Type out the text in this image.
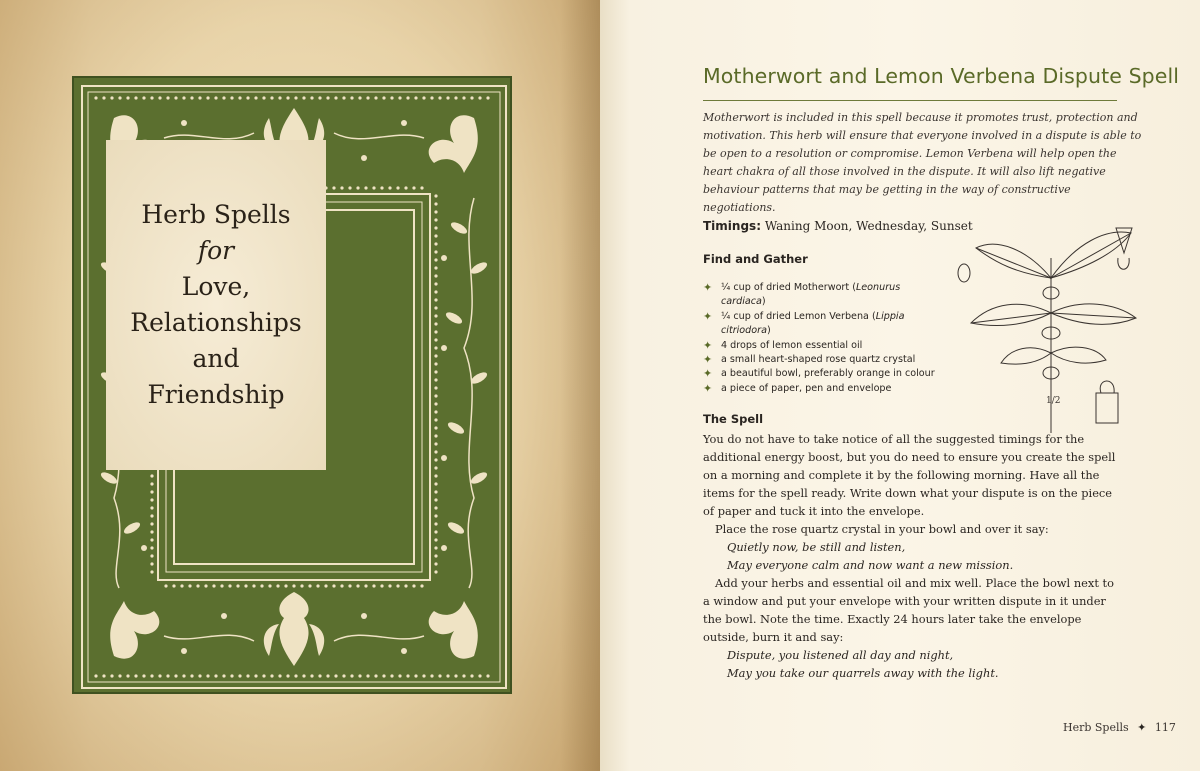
Herb Spells
for
Love,
Relationships
and
Friendship
Motherwort and Lemon Verbena Dispute Spell

Motherwort is included in this spell because it promotes trust, protection and motivation. This herb will ensure that everyone involved in a dispute is able to be open to a resolution or compromise. Lemon Verbena will help open the heart chakra of all those involved in the dispute. It will also lift negative behaviour patterns that may be getting in the way of constructive negotiations.

Timings: Waning Moon, Wednesday, Sunset
Find and Gather
✦ ¼ cup of dried Motherwort (Leonurus cardiaca)
✦ ¼ cup of dried Lemon Verbena (Lippia citriodora)
✦ 4 drops of lemon essential oil
✦ a small heart-shaped rose quartz crystal
✦ a beautiful bowl, preferably orange in colour
✦ a piece of paper, pen and envelope
1/2
The Spell

You do not have to take notice of all the suggested timings for the additional energy boost, but you do need to ensure you create the spell on a morning and complete it by the following morning. Have all the items for the spell ready. Write down what your dispute is on the piece of paper and tuck it into the envelope.

Place the rose quartz crystal in your bowl and over it say:

Quietly now, be still and listen,

May everyone calm and now want a new mission.

Add your herbs and essential oil and mix well. Place the bowl next to a window and put your envelope with your written dispute in it under the bowl. Note the time. Exactly 24 hours later take the envelope outside, burn it and say:

Dispute, you listened all day and night,

May you take our quarrels away with the light.

Herb Spells ✦ 117
